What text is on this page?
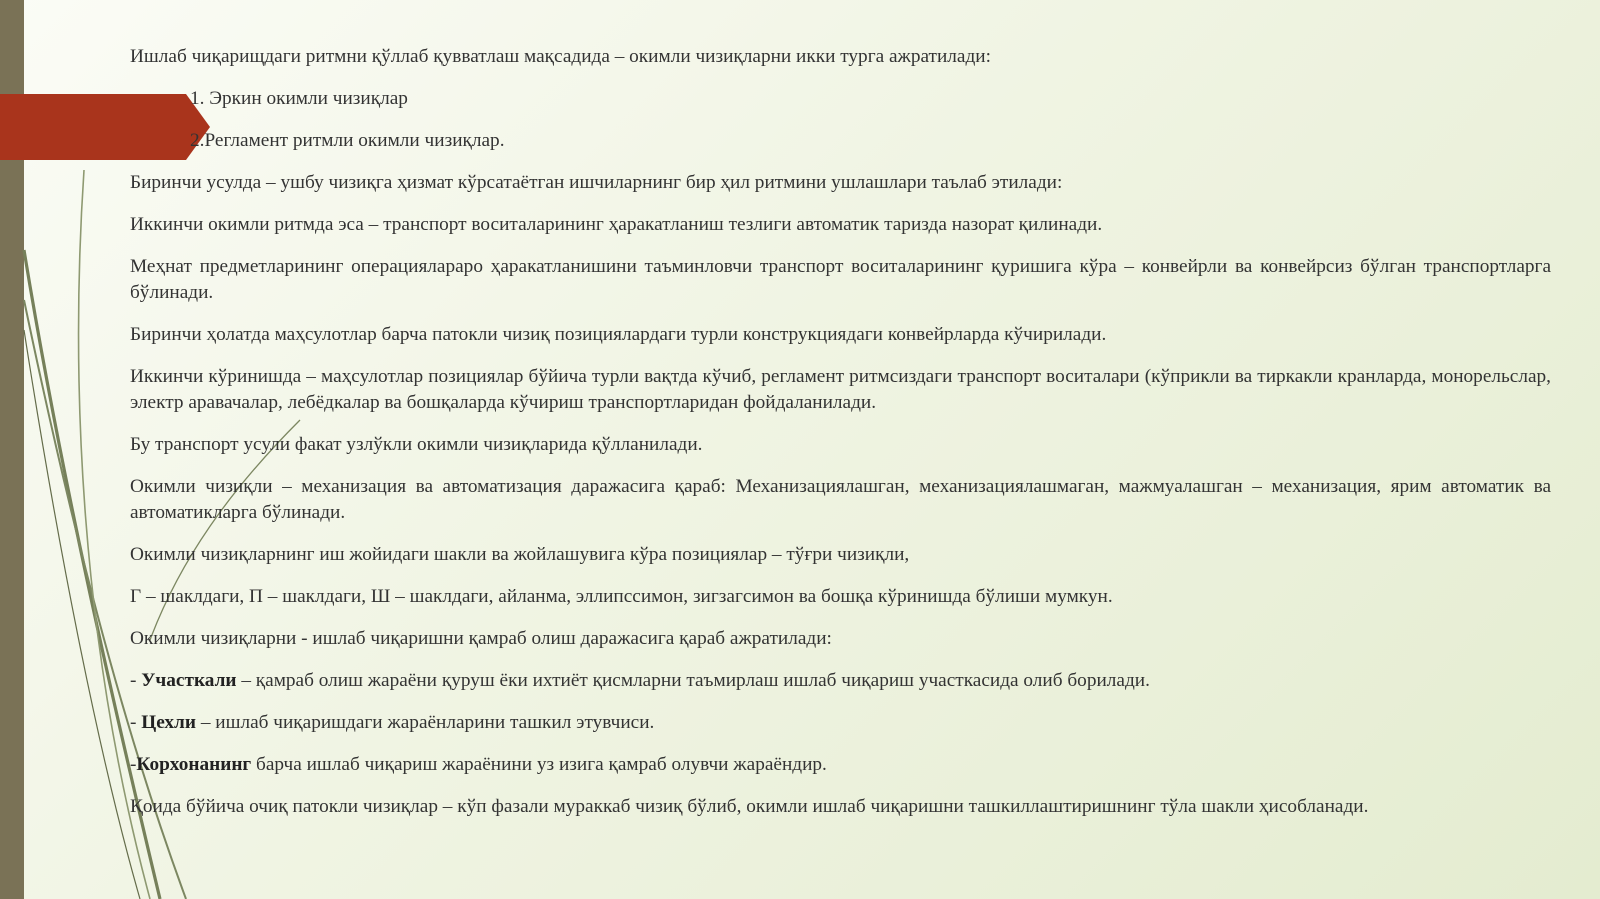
Ишлаб чиқарищдаги ритмни қўллаб қувватлаш мақсадида – окимли чизиқларни икки турга ажратилади:

1. Эркин окимли чизиқлар

2.Регламент ритмли окимли чизиқлар.

Биринчи усулда – ушбу чизиқга ҳизмат кўрсатаётган ишчиларнинг бир ҳил ритмини ушлашлари таълаб этилади:

Иккинчи окимли ритмда эса – транспорт воситаларининг ҳаракатланиш тезлиги автоматик тариздa назорат қилинади.

Меҳнат предметларининг операцияларaро ҳаракатланишини таъминловчи транспорт воситаларининг қуришига кўра – конвейрли ва конвейрсиз бўлган транспортларга бўлинади.

Биринчи ҳолатда маҳсулотлар барча патокли чизиқ позициялардаги турли конструкциядаги конвейрларда кўчирилади.

Иккинчи кўринишда – маҳсулотлар позициялар бўйича турли вақтда кўчиб, регламент ритмсиздаги транспорт воситалари (кўприкли ва тиркакли кранларда, монорельслар, электр аравачалар, лебёдкалар ва бошқаларда кўчириш транспортларидан фойдаланилади.

Бу транспорт усули факат узлўкли окимли чизиқларида қўлланилади.

Окимли чизиқли – механизация ва автоматизация даражасига қараб: Механизациялашган, механизациялашмаган, мажмуалашган – механизация, ярим автоматик ва автоматикларга бўлинади.

Окимли чизиқларнинг иш жойидаги шакли ва жойлашувига кўра позициялар – тўғри чизиқли,

Г – шаклдаги, П – шаклдаги, Ш – шаклдаги, айланма, эллипссимон, зигзагсимон ва бошқа кўринишда бўлиши мумкун.

Окимли чизиқларни - ишлаб чиқаришни қамраб олиш даражасига қараб ажратилади:

- Участкали – қамраб олиш жараёни қуруш ёки ихтиёт қисмларни таъмирлаш ишлаб чиқариш участкасида олиб борилади.

- Цехли – ишлаб чиқаришдаги жараёнларини ташкил этувчиси.

-Корхонанинг барча ишлаб чиқариш жараёнини уз изига қамраб олувчи жараёндир.

Қоида бўйича очиқ патокли чизиқлар – кўп фазали мураккаб чизиқ бўлиб, окимли ишлаб чиқаришни ташкиллаштиришнинг тўла шакли ҳисобланади.
